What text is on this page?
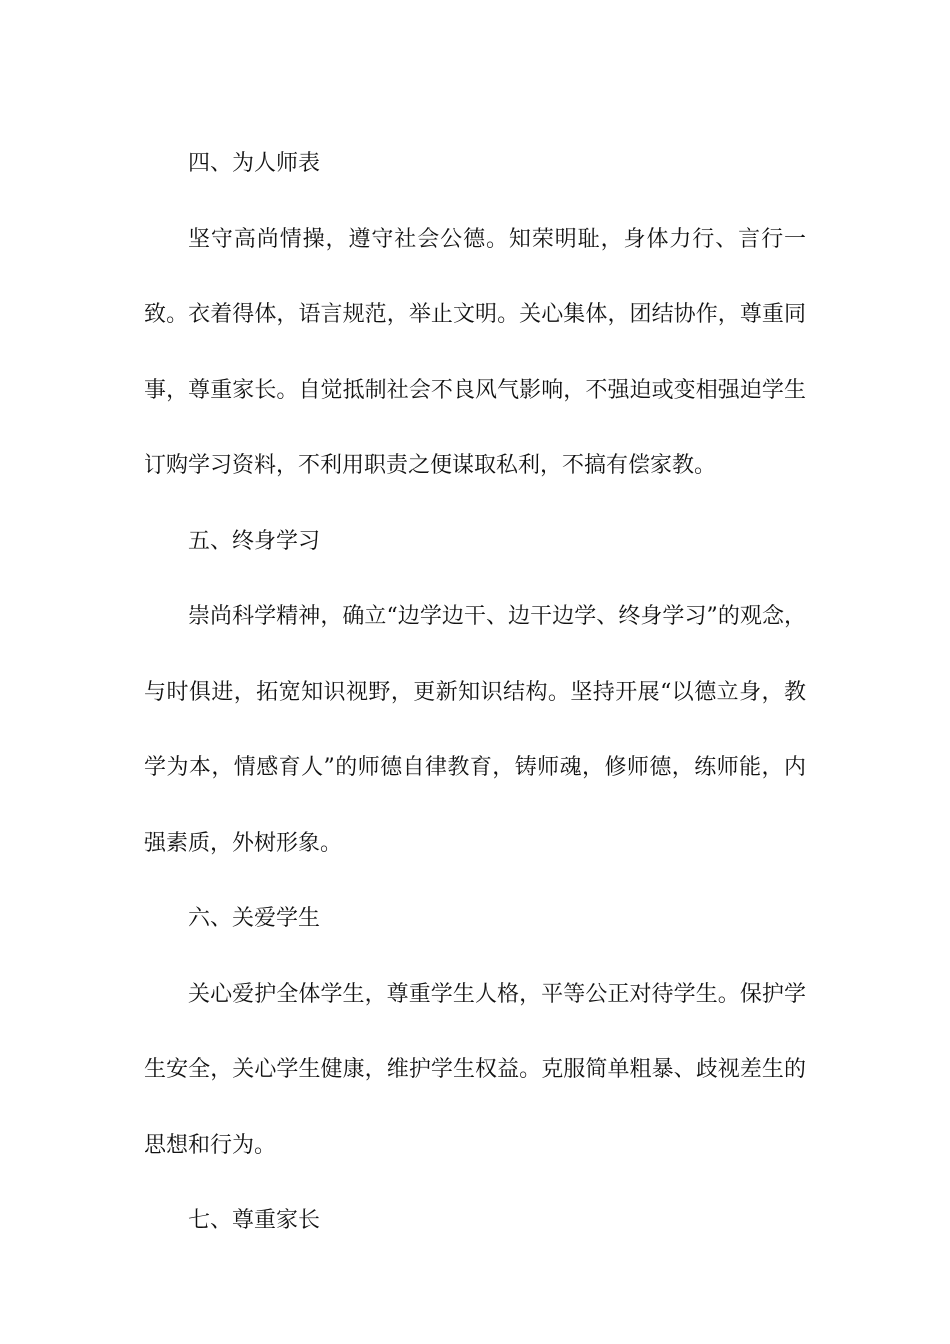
四、为人师表

坚守高尚情操，遵守社会公德。知荣明耻，身体力行、言行一致。衣着得体，语言规范，举止文明。关心集体，团结协作，尊重同事，尊重家长。自觉抵制社会不良风气影响，不强迫或变相强迫学生订购学习资料，不利用职责之便谋取私利，不搞有偿家教。

五、终身学习

崇尚科学精神，确立“边学边干、边干边学、终身学习”的观念，与时俱进，拓宽知识视野，更新知识结构。坚持开展“以德立身，教学为本，情感育人”的师德自律教育，铸师魂，修师德，练师能，内强素质，外树形象。

六、关爱学生

关心爱护全体学生，尊重学生人格，平等公正对待学生。保护学生安全，关心学生健康，维护学生权益。克服简单粗暴、歧视差生的思想和行为。

七、尊重家长
